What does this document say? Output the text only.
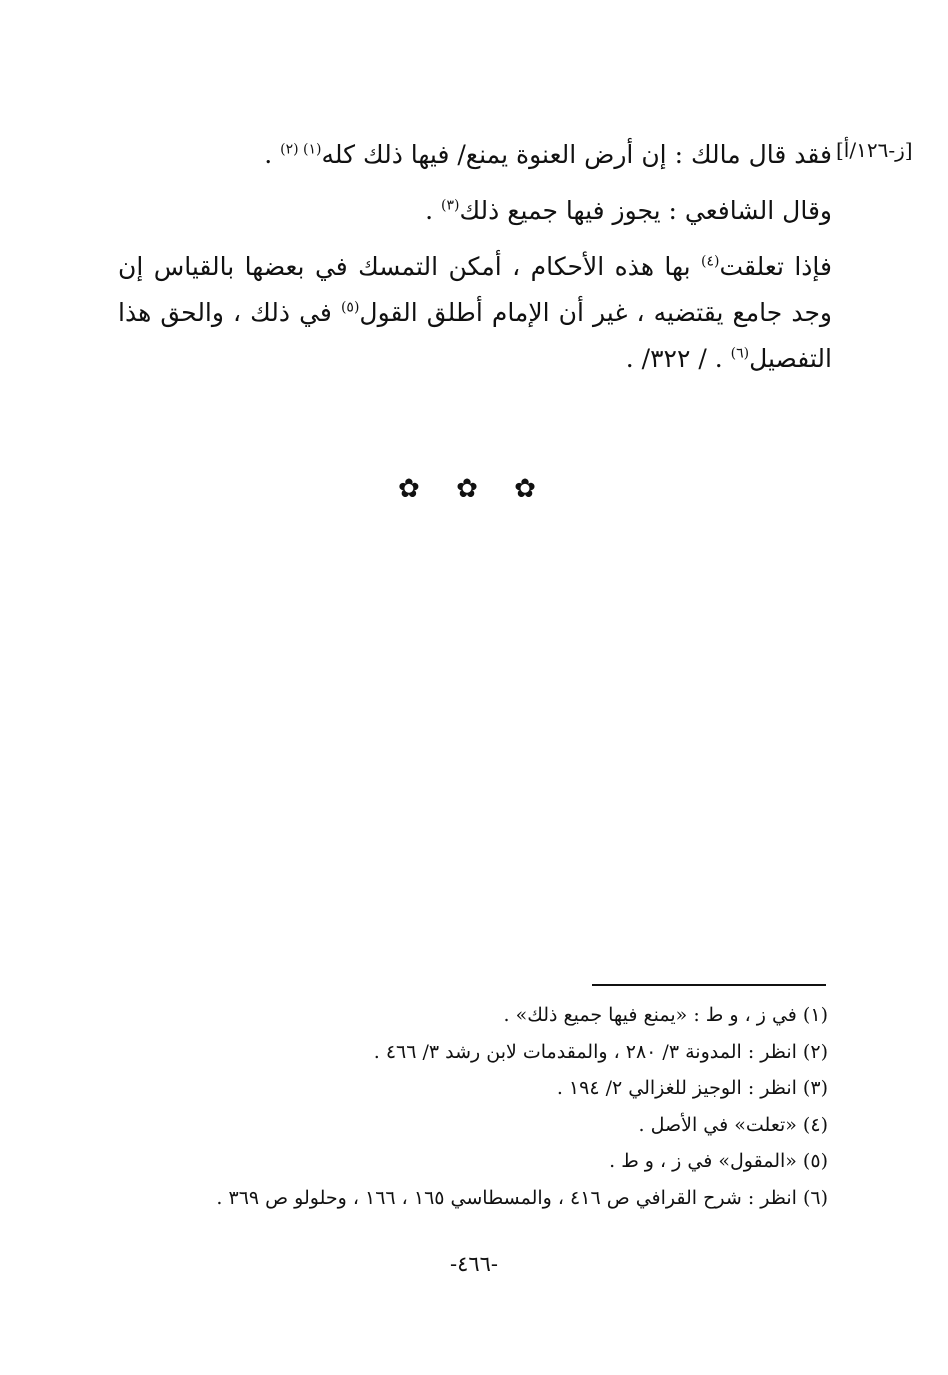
[ز-١٢٦/أ]

فقد قال مالك : إن أرض العنوة يمنع/ فيها ذلك كله$^{(١) (٢)}$ .

وقال الشافعي : يجوز فيها جميع ذلك$^{(٣)}$ .

فإذا تعلقت$^{(٤)}$ بها هذه الأحكام ، أمكن التمسك في بعضها بالقياس إن وجد جامع يقتضيه ، غير أن الإمام أطلق القول$^{(٥)}$ في ذلك ، والحق هذا التفصيل$^{(٦)}$ . / ٣٢٢/ .

✿ ✿ ✿
(١) في ز ، و ط : «يمنع فيها جميع ذلك» .
(٢) انظر : المدونة ٣/ ٢٨٠ ، والمقدمات لابن رشد ٣/ ٤٦٦ .
(٣) انظر : الوجيز للغزالي ٢/ ١٩٤ .
(٤) «تعلت» في الأصل .
(٥) «المقول» في ز ، و ط .
(٦) انظر : شرح القرافي ص ٤١٦ ، والمسطاسي ١٦٥ ، ١٦٦ ، وحلولو ص ٣٦٩ .
-٤٦٦-
